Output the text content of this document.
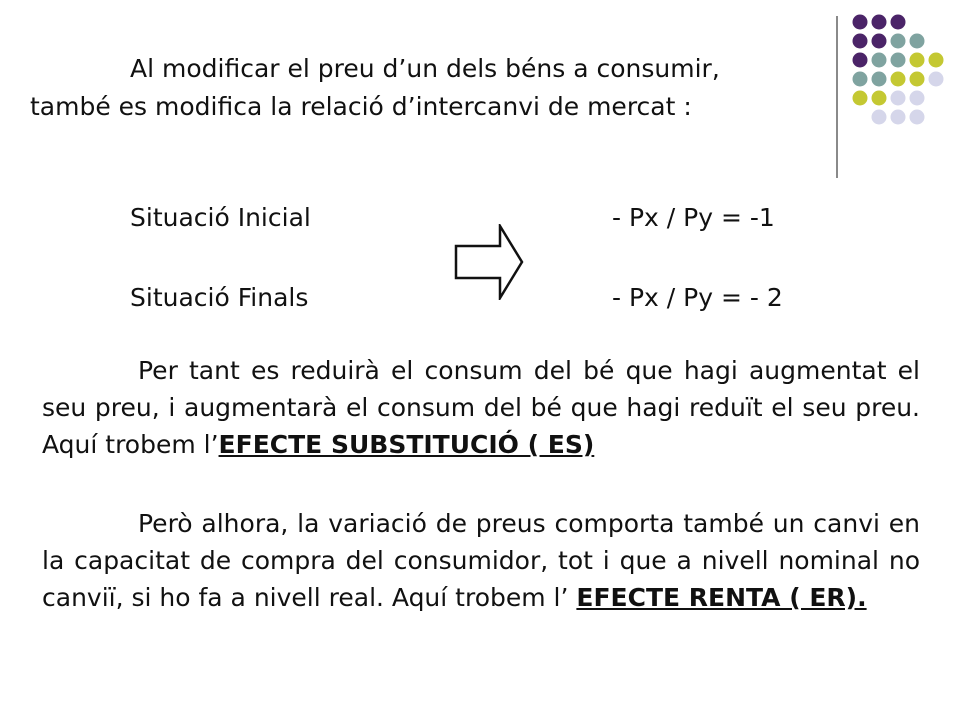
Al modificar el preu d’un dels béns a consumir,
també es modifica la relació d’intercanvi de mercat :

Situació Inicial	- Px / Py = -1

Situació Finals	- Px / Py = - 2

Per tant es reduirà el consum del bé que hagi augmentat el seu preu, i augmentarà el consum del bé que hagi reduït el seu preu. Aquí trobem l’EFECTE SUBSTITUCIÓ ( ES)

Però alhora, la variació de preus comporta també un canvi en la capacitat de compra del consumidor, tot i que a nivell nominal no canviï, si ho fa a nivell real. Aquí trobem l’ EFECTE RENTA ( ER).
